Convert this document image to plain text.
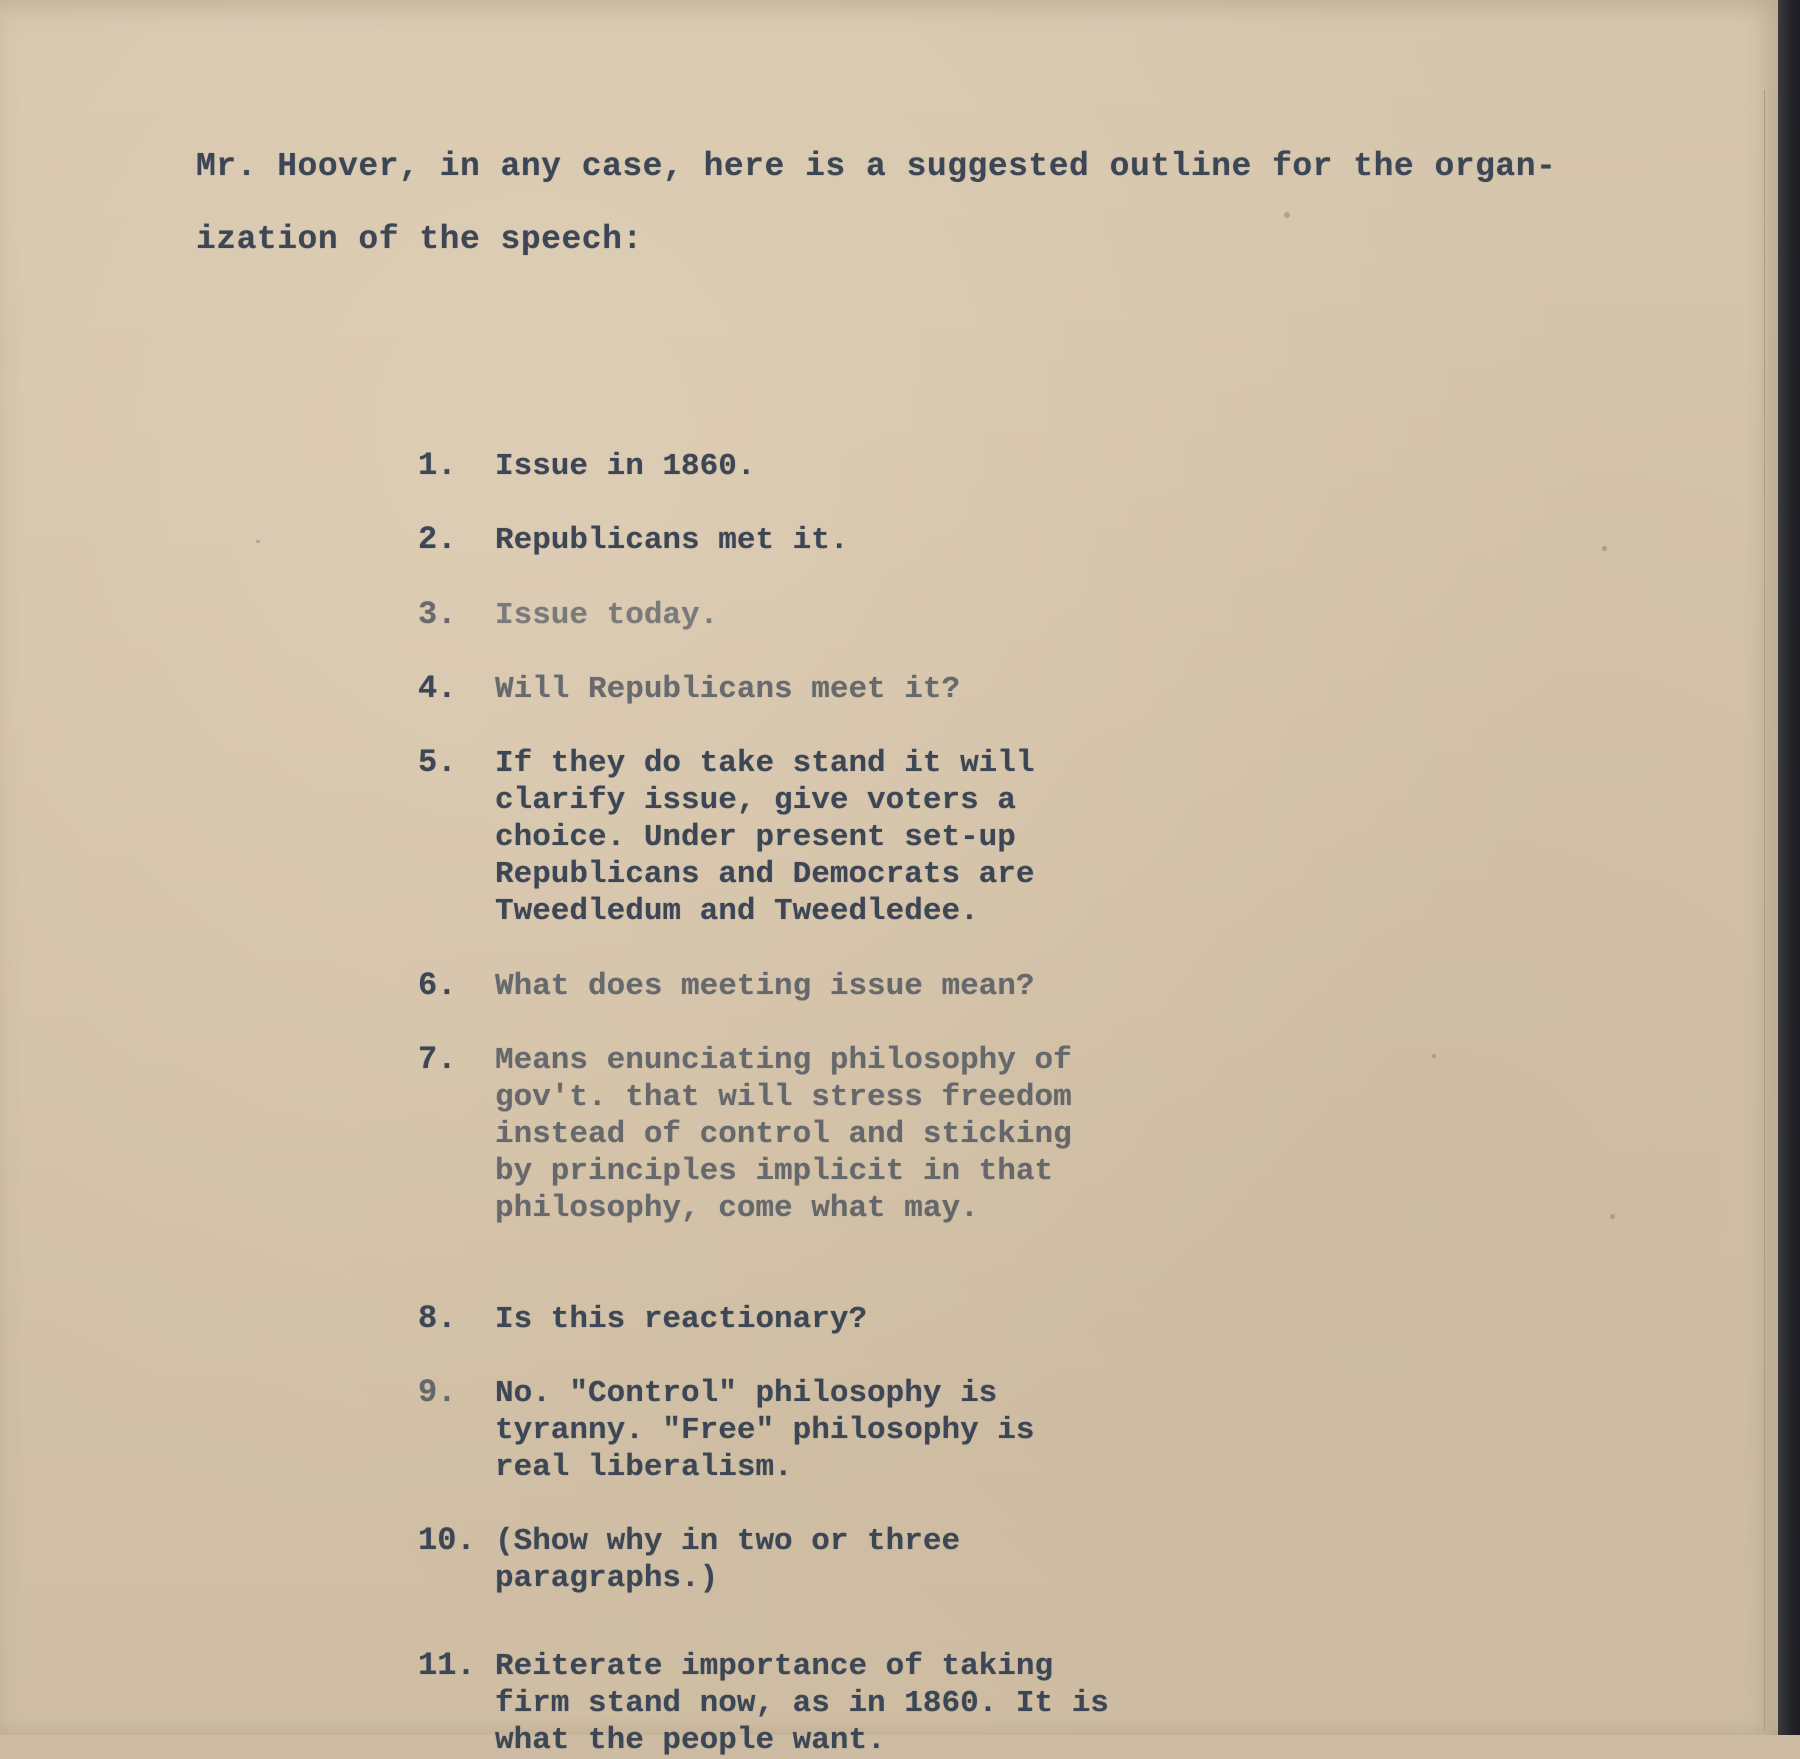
Mr. Hoover, in any case, here is a suggested outline for the organ-

ization of the speech:

1. Issue in 1860.
2. Republicans met it.
3. Issue today.
4. Will Republicans meet it?
5. If they do take stand it will clarify issue, give voters a choice. Under present set-up Republicans and Democrats are Tweedledum and Tweedledee.
6. What does meeting issue mean?
7. Means enunciating philosophy of gov't. that will stress freedom instead of control and sticking by principles implicit in that philosophy, come what may.
8. Is this reactionary?
9. No. "Control" philosophy is tyranny. "Free" philosophy is real liberalism.
10. (Show why in two or three paragraphs.)
11. Reiterate importance of taking firm stand now, as in 1860. It is what the people want.
